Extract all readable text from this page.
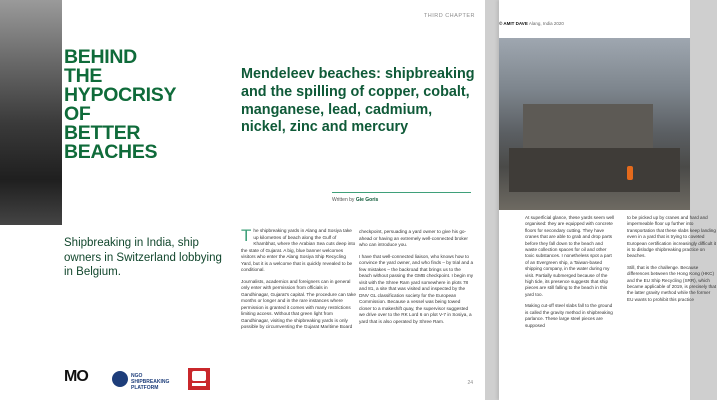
BEHIND
THE
HYPOCRISY
OF
BETTER
BEACHES

Shipbreaking in India, ship owners in Switzerland lobbying in Belgium.

MO	NGO SHIPBREAKING PLATFORM
THIRD CHAPTER
Mendeleev beaches: shipbreaking and the spilling of copper, cobalt, manganese, lead, cadmium, nickel, zinc and mercury
Written by Gie Goris

The shipbreaking yards in Alang and Sosiya take up kilometres of beach along the Gulf of Khambhat, where the Arabian Sea cuts deep into the state of Gujarat. A big, blue banner welcomes visitors who enter the Alang Sosiya Ship Recycling Yard, but it is a welcome that is quickly revealed to be conditional.

Journalists, academics and foreigners can in general only enter with permission from officials in Gandhinagar, Gujarat's capital. The procedure can take months or longer and in the rare instances where permission is granted it comes with many restrictions limiting access. Without that green light from Gandhinagar, visiting the shipbreaking yards is only possible by circumventing the Gujarat Maritime Board

checkpoint, persuading a yard owner to give his go-ahead or having an extremely well-connected broker who can introduce you.

I have that well-connected liaison, who knows how to convince the yard owner, and who finds – by trial and a few mistakes – the backroad that brings us to the beach without passing the GMB checkpoint. I begin my visit with the Shree Ram yard somewhere in plots 78 and 81, a site that was visited and inspected by the DNV GL classification society for the European Commission. Because a vessel was being towed closer to a makeshift quay, the supervisor suggested we drive over to the RK Lord 6 on plot V-7 in Sosiya, a yard that is also operated by Shree Ram.

24
© AMIT DAVE Alang, India 2020

At superficial glance, these yards seem well organised: they are equipped with concrete floors for secondary cutting. They have cranes that are able to grab and drop parts before they fall down to the beach and waste collection spaces for oil and other toxic substances. I nonetheless spot a part of an Evergreen ship, a Taiwan-based shipping company, in the water during my visit. Partially submerged because of the high tide, its presence suggests that ship pieces are still falling to the beach in this yard too.

Making cut-off steel slabs fall to the ground is called the gravity method in shipbreaking parlance. These large steel pieces are supposed

to be picked up by cranes and hard and impermeable floor up further into transportation that these slabs keep landing even in a yard that is trying to coveted European certification increasingly difficult it is to dislodge shipbreaking practice on beaches.

Still, that is the challenge. Because differences between the Hong Kong (HKC) and the EU Ship Recycling (SRR), which became applicable of 2019, is precisely that the latter gravity method while the former EU wants to prohibit this practice
